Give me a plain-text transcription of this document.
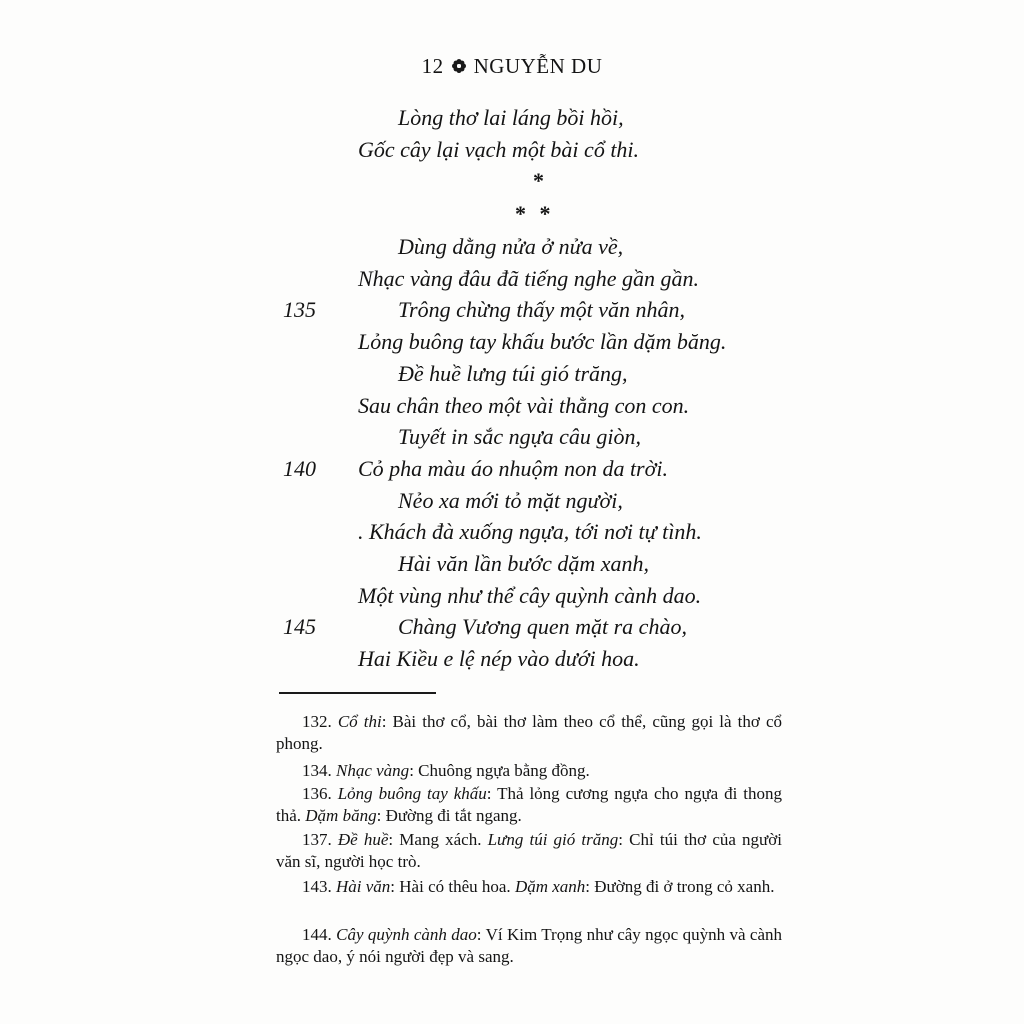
12 NGUYỄN DU
Lòng thơ lai láng bồi hồi,
Gốc cây lại vạch một bài cổ thi.
*
* *
Dùng dằng nửa ở nửa về,
Nhạc vàng đâu đã tiếng nghe gần gần.
135	Trông chừng thấy một văn nhân,
Lỏng buông tay khấu bước lần dặm băng.
Đề huề lưng túi gió trăng,
Sau chân theo một vài thằng con con.
Tuyết in sắc ngựa câu giòn,
140 Cỏ pha màu áo nhuộm non da trời.
Nẻo xa mới tỏ mặt người,
. Khách đà xuống ngựa, tới nơi tự tình.
Hài văn lần bước dặm xanh,
Một vùng như thể cây quỳnh cành dao.
145	Chàng Vương quen mặt ra chào,
Hai Kiều e lệ nép vào dưới hoa.
132. Cổ thi: Bài thơ cổ, bài thơ làm theo cổ thể, cũng gọi là thơ cổ phong.
134. Nhạc vàng: Chuông ngựa bằng đồng.
136. Lỏng buông tay khấu: Thả lỏng cương ngựa cho ngựa đi thong thả. Dặm băng: Đường đi tắt ngang.
137. Đề huề: Mang xách. Lưng túi gió trăng: Chỉ túi thơ của người văn sĩ, người học trò.
143. Hài văn: Hài có thêu hoa. Dặm xanh: Đường đi ở trong cỏ xanh.
144. Cây quỳnh cành dao: Ví Kim Trọng như cây ngọc quỳnh và cành ngọc dao, ý nói người đẹp và sang.
